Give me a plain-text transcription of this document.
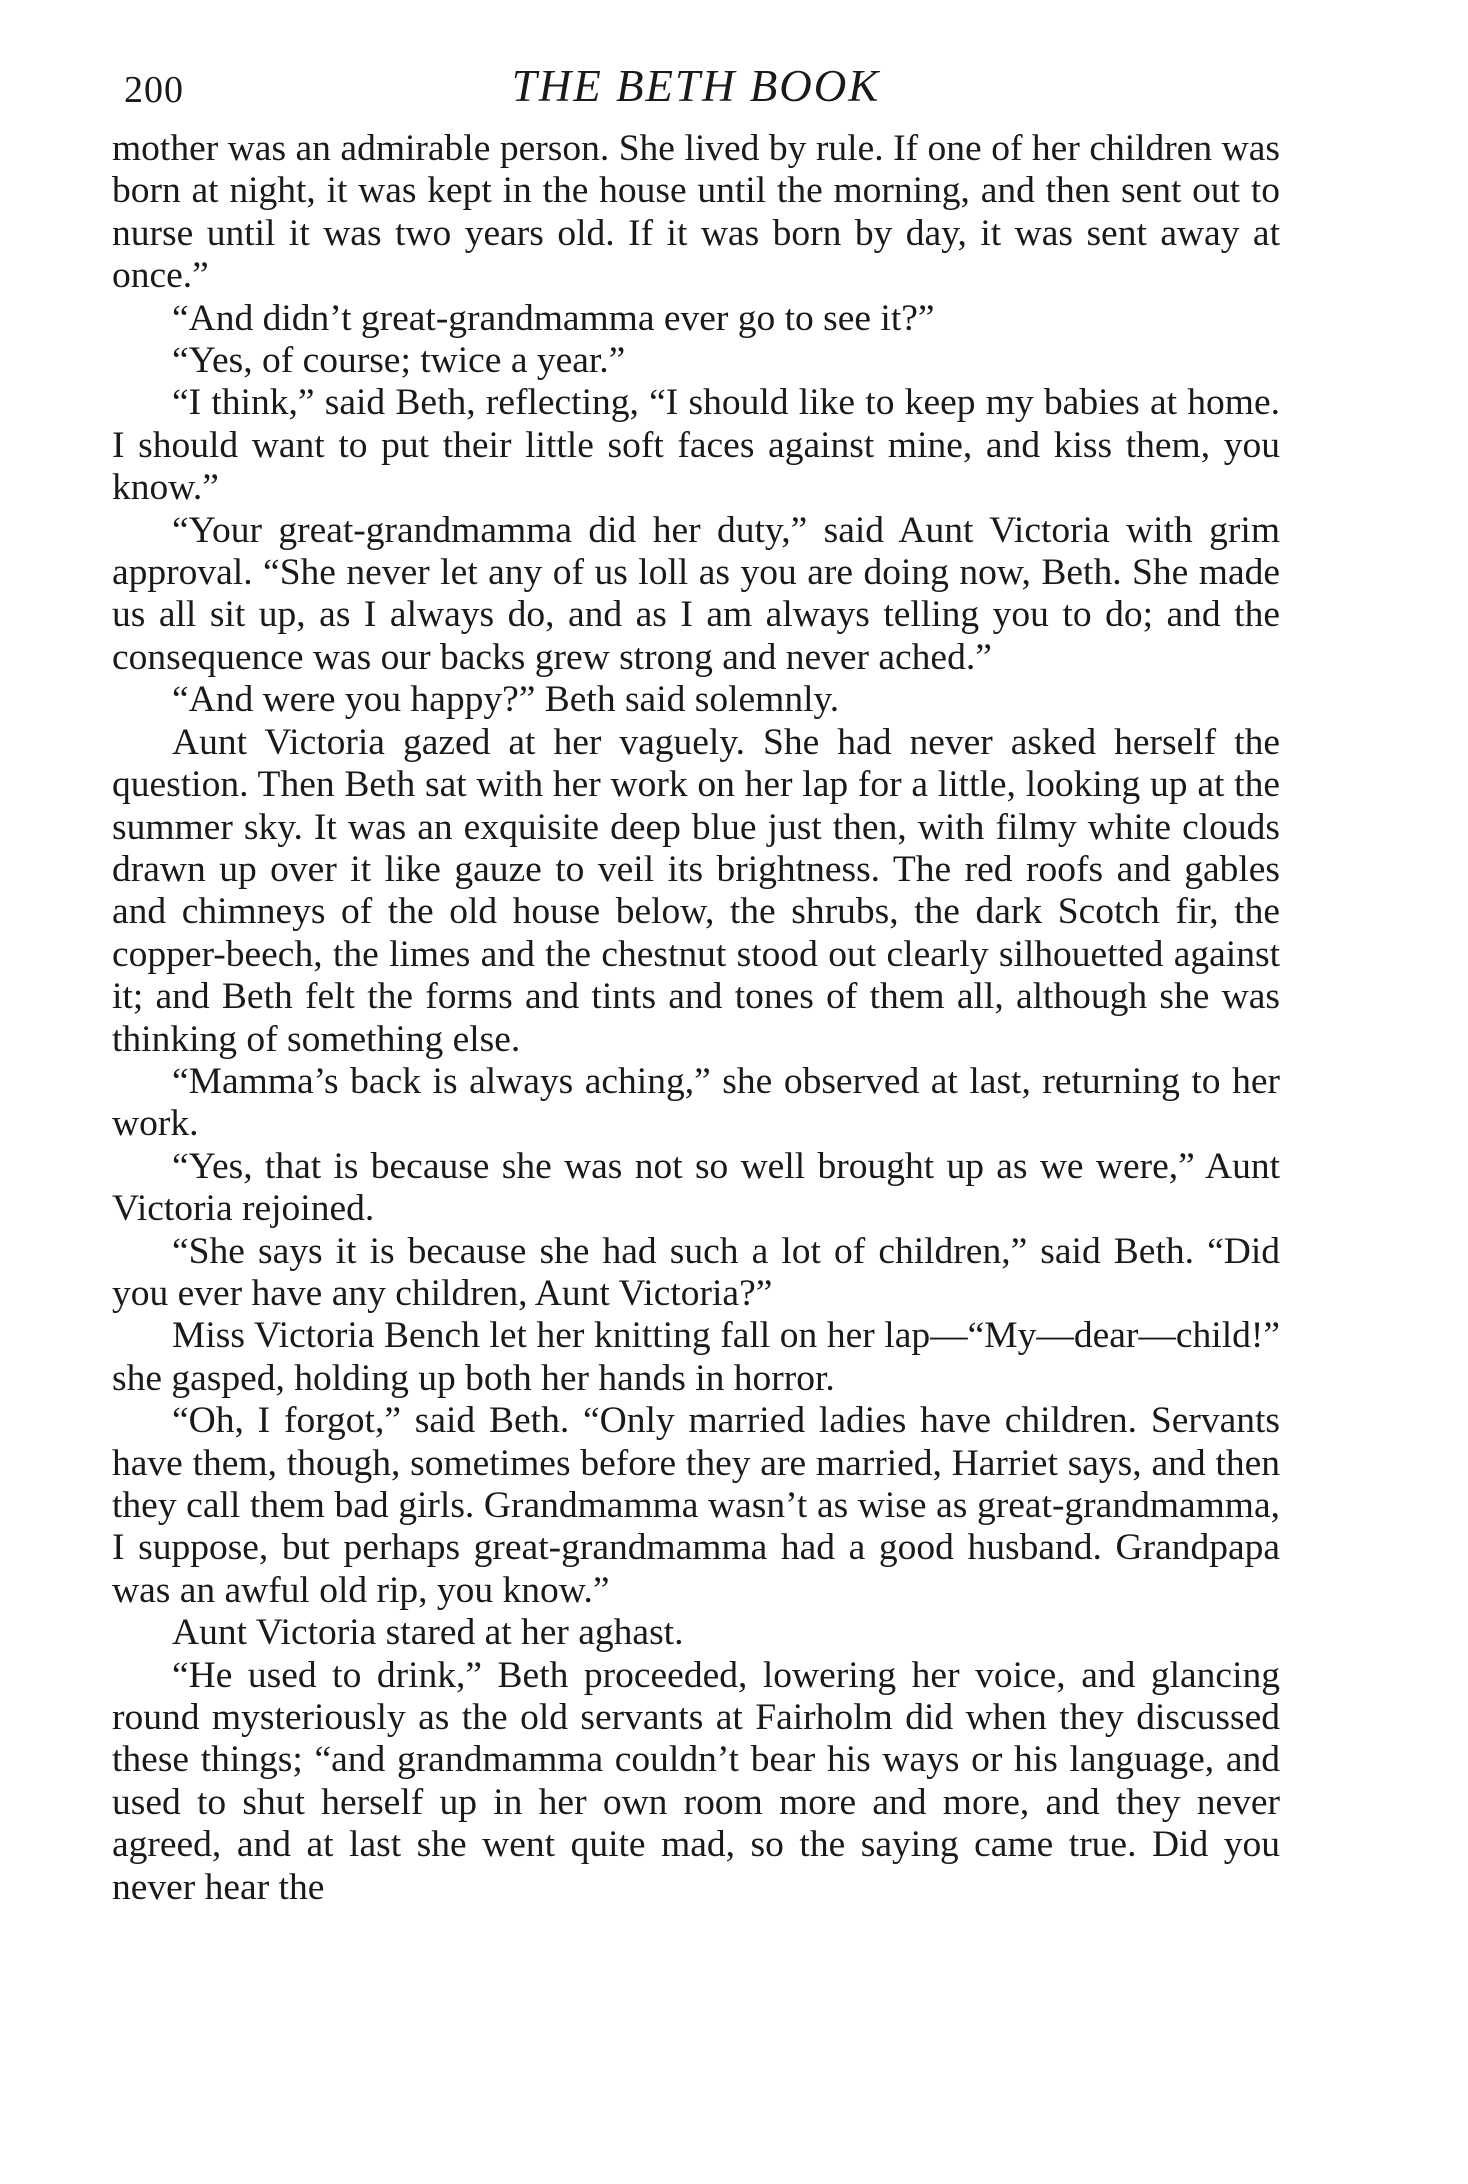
200	THE BETH BOOK

mother was an admirable person. She lived by rule. If one of her children was born at night, it was kept in the house until the morning, and then sent out to nurse until it was two years old. If it was born by day, it was sent away at once.”

“And didn’t great-grandmamma ever go to see it?”

“Yes, of course; twice a year.”

“I think,” said Beth, reflecting, “I should like to keep my babies at home. I should want to put their little soft faces against mine, and kiss them, you know.”

“Your great-grandmamma did her duty,” said Aunt Victoria with grim approval. “She never let any of us loll as you are doing now, Beth. She made us all sit up, as I always do, and as I am always telling you to do; and the consequence was our backs grew strong and never ached.”

“And were you happy?” Beth said solemnly.

Aunt Victoria gazed at her vaguely. She had never asked herself the question. Then Beth sat with her work on her lap for a little, looking up at the summer sky. It was an exquisite deep blue just then, with filmy white clouds drawn up over it like gauze to veil its brightness. The red roofs and gables and chimneys of the old house below, the shrubs, the dark Scotch fir, the copper-beech, the limes and the chestnut stood out clearly silhouetted against it; and Beth felt the forms and tints and tones of them all, although she was thinking of something else.

“Mamma’s back is always aching,” she observed at last, returning to her work.

“Yes, that is because she was not so well brought up as we were,” Aunt Victoria rejoined.

“She says it is because she had such a lot of children,” said Beth. “Did you ever have any children, Aunt Victoria?”

Miss Victoria Bench let her knitting fall on her lap—“My—dear—child!” she gasped, holding up both her hands in horror.

“Oh, I forgot,” said Beth. “Only married ladies have children. Servants have them, though, sometimes before they are married, Harriet says, and then they call them bad girls. Grandmamma wasn’t as wise as great-grandmamma, I suppose, but perhaps great-grandmamma had a good husband. Grandpapa was an awful old rip, you know.”

Aunt Victoria stared at her aghast.

“He used to drink,” Beth proceeded, lowering her voice, and glancing round mysteriously as the old servants at Fairholm did when they discussed these things; “and grandmamma couldn’t bear his ways or his language, and used to shut herself up in her own room more and more, and they never agreed, and at last she went quite mad, so the saying came true. Did you never hear the
